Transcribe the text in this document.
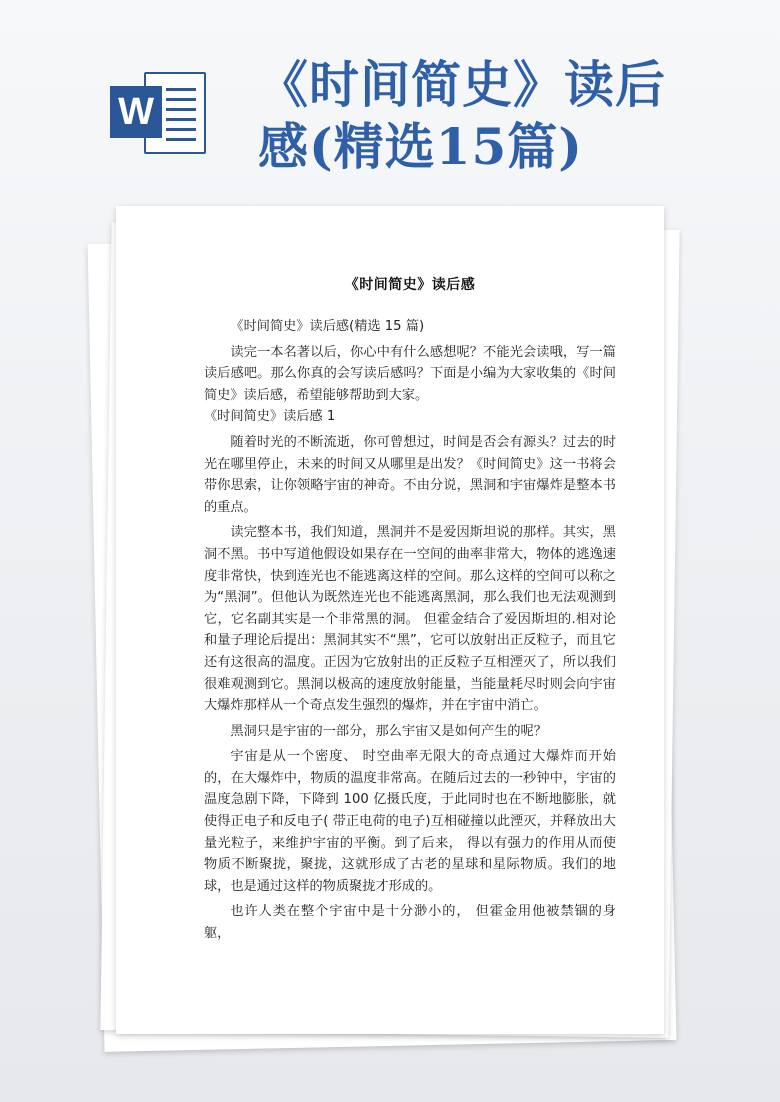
W 《时间简史》读后
感(精选15篇)
《时间简史》读后感

《时间简史》读后感(精选 15 篇)

读完一本名著以后，你心中有什么感想呢？不能光会读哦，写一篇读后感吧。那么你真的会写读后感吗？下面是小编为大家收集的《时间简史》读后感，希望能够帮助到大家。

《时间简史》读后感 1

随着时光的不断流逝，你可曾想过，时间是否会有源头？过去的时光在哪里停止，未来的时间又从哪里是出发？《时间简史》这一书将会带你思索，让你领略宇宙的神奇。不由分说，黑洞和宇宙爆炸是整本书的重点。

读完整本书，我们知道，黑洞并不是爱因斯坦说的那样。其实，黑洞不黑。书中写道他假设如果存在一空间的曲率非常大，物体的逃逸速度非常快，快到连光也不能逃离这样的空间。那么这样的空间可以称之为“黑洞”。但他认为既然连光也不能逃离黑洞，那么我们也无法观测到它，它名副其实是一个非常黑的洞。 但霍金结合了爱因斯坦的.相对论和量子理论后提出：黑洞其实不“黑”，它可以放射出正反粒子，而且它还有这很高的温度。正因为它放射出的正反粒子互相湮灭了，所以我们很难观测到它。黑洞以极高的速度放射能量，当能量耗尽时则会向宇宙大爆炸那样从一个奇点发生强烈的爆炸，并在宇宙中消亡。

黑洞只是宇宙的一部分，那么宇宙又是如何产生的呢？

宇宙是从一个密度、 时空曲率无限大的奇点通过大爆炸而开始的，在大爆炸中，物质的温度非常高。在随后过去的一秒钟中，宇宙的温度急剧下降，下降到 100 亿摄氏度，于此同时也在不断地膨胀，就使得正电子和反电子( 带正电荷的电子)互相碰撞以此湮灭，并释放出大量光粒子，来维护宇宙的平衡。到了后来， 得以有强力的作用从而使物质不断聚拢，聚拢，这就形成了古老的星球和星际物质。我们的地球，也是通过这样的物质聚拢才形成的。

也许人类在整个宇宙中是十分渺小的， 但霍金用他被禁锢的身躯，
